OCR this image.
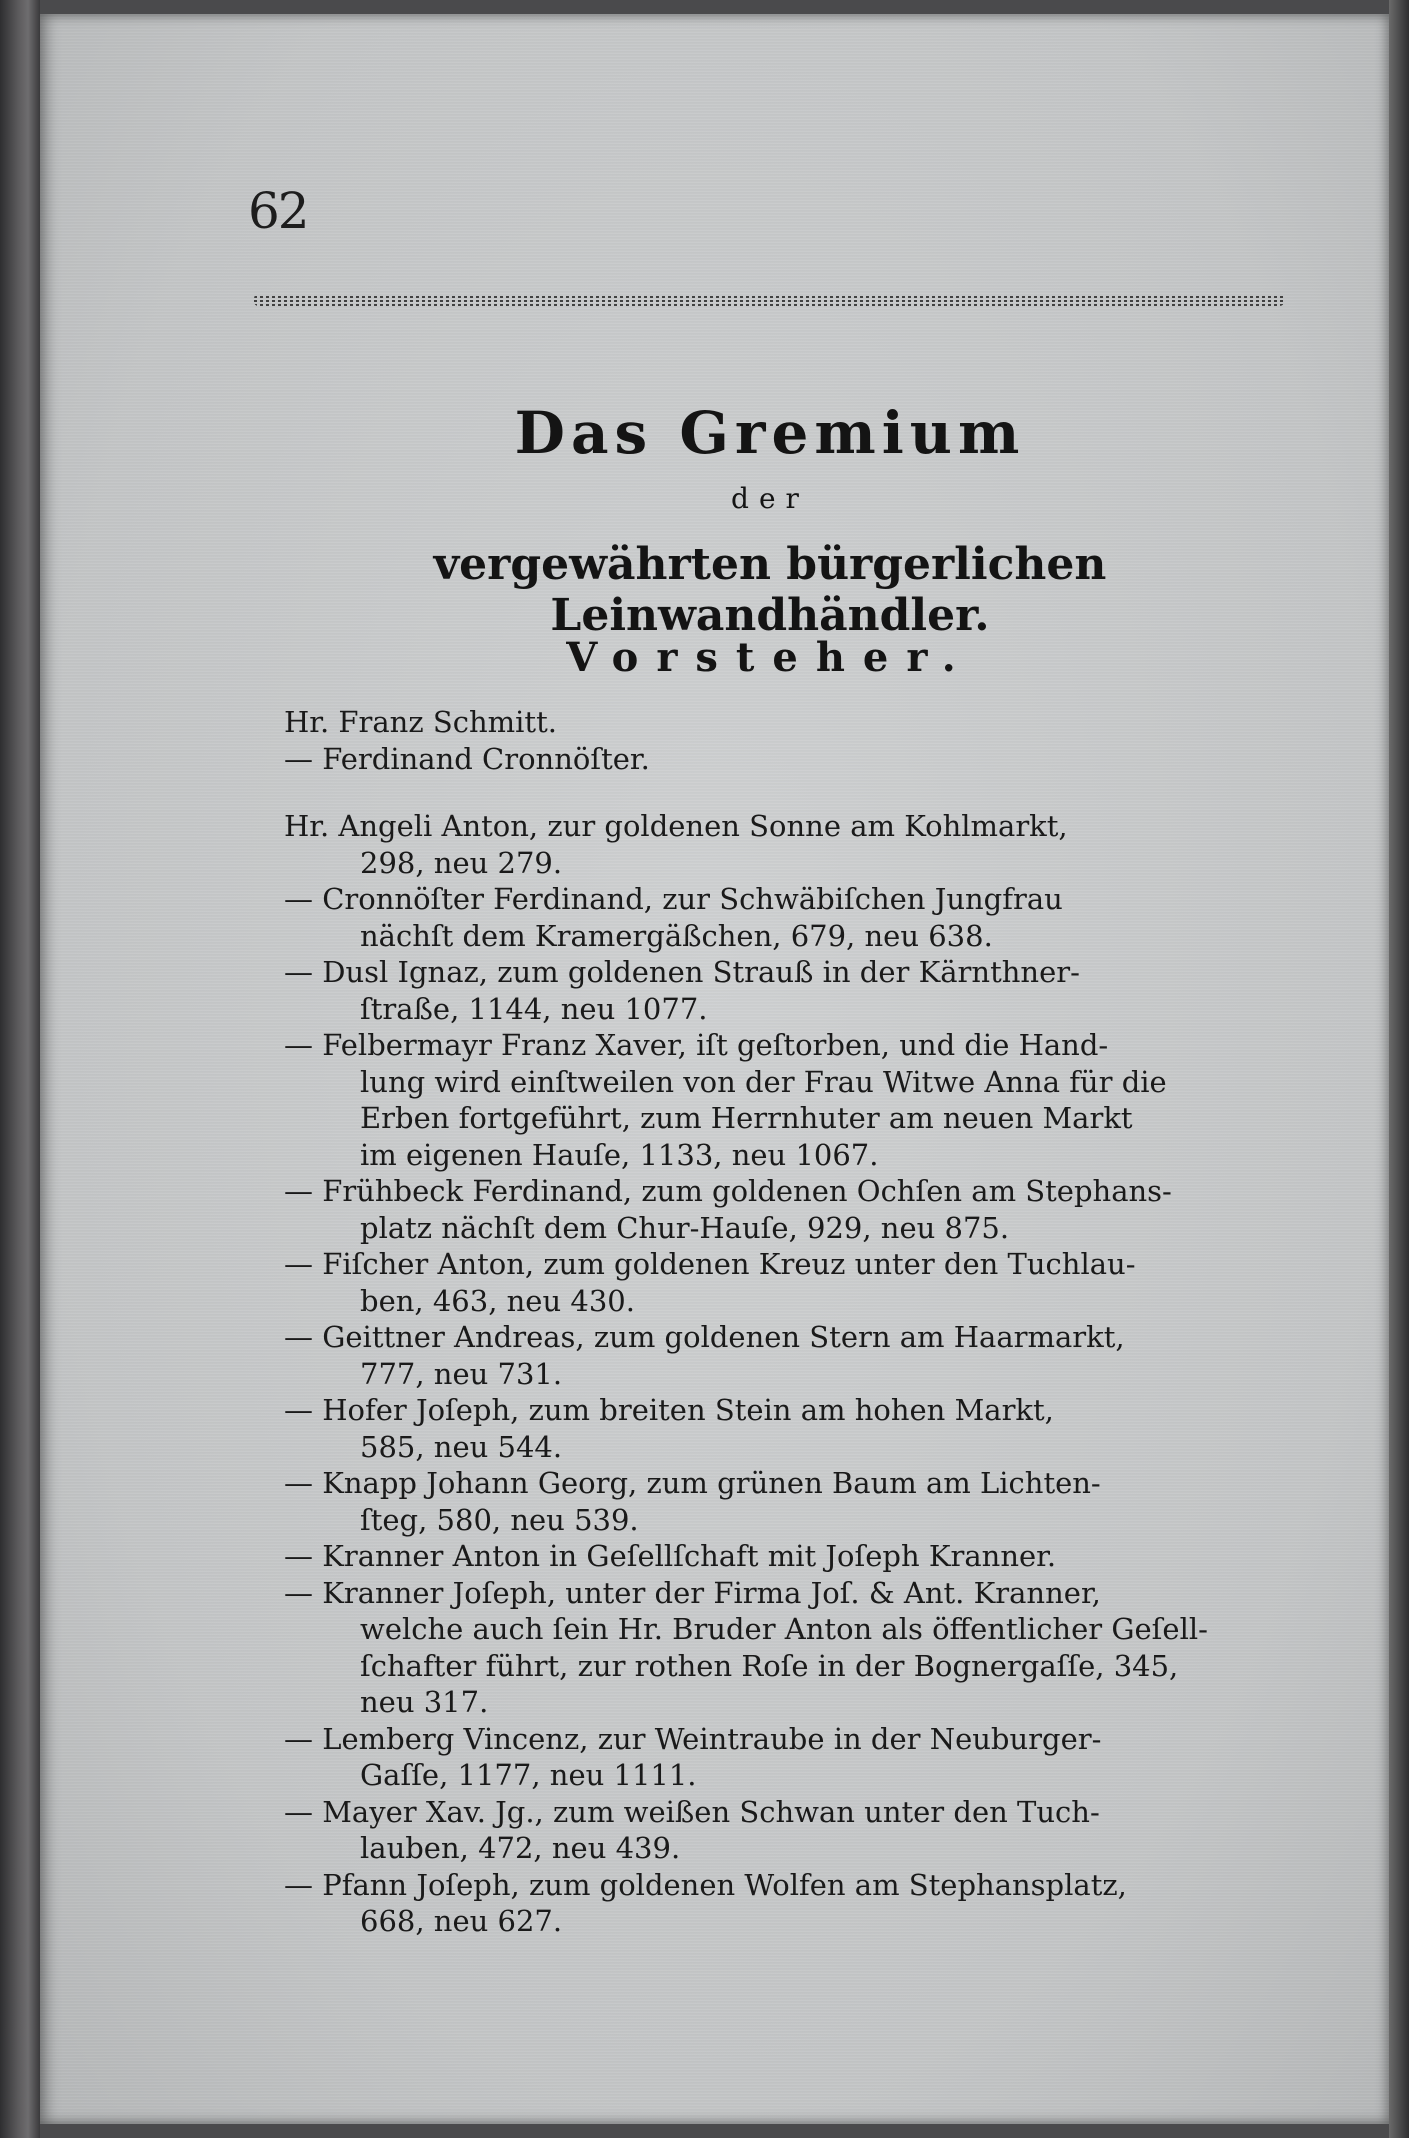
62
Das Gremium
der
vergewährten bürgerlichen Leinwandhändler.
Vorsteher.

Hr. Franz Schmitt.

— Ferdinand Cronnöſter.

Hr. Angeli Anton, zur goldenen Sonne am Kohlmarkt,
298, neu 279.

— Cronnöſter Ferdinand, zur Schwäbiſchen Jungfrau
nächſt dem Kramergäßchen, 679, neu 638.

— Dusl Ignaz, zum goldenen Strauß in der Kärnthner-
ſtraße, 1144, neu 1077.

— Felbermayr Franz Xaver, iſt geſtorben, und die Hand-
lung wird einſtweilen von der Frau Witwe Anna für die
Erben fortgeführt, zum Herrnhuter am neuen Markt
im eigenen Hauſe, 1133, neu 1067.

— Frühbeck Ferdinand, zum goldenen Ochſen am Stephans-
platz nächſt dem Chur-Hauſe, 929, neu 875.

— Fiſcher Anton, zum goldenen Kreuz unter den Tuchlau-
ben, 463, neu 430.

— Geittner Andreas, zum goldenen Stern am Haarmarkt,
777, neu 731.

— Hofer Joſeph, zum breiten Stein am hohen Markt,
585, neu 544.

— Knapp Johann Georg, zum grünen Baum am Lichten-
ſteg, 580, neu 539.

— Kranner Anton in Geſellſchaft mit Joſeph Kranner.

— Kranner Joſeph, unter der Firma Joſ. & Ant. Kranner,
welche auch ſein Hr. Bruder Anton als öffentlicher Geſell-
ſchafter führt, zur rothen Roſe in der Bognergaſſe, 345,
neu 317.

— Lemberg Vincenz, zur Weintraube in der Neuburger-
Gaſſe, 1177, neu 1111.

— Mayer Xav. Jg., zum weißen Schwan unter den Tuch-
lauben, 472, neu 439.

— Pfann Joſeph, zum goldenen Wolfen am Stephansplatz,
668, neu 627.
